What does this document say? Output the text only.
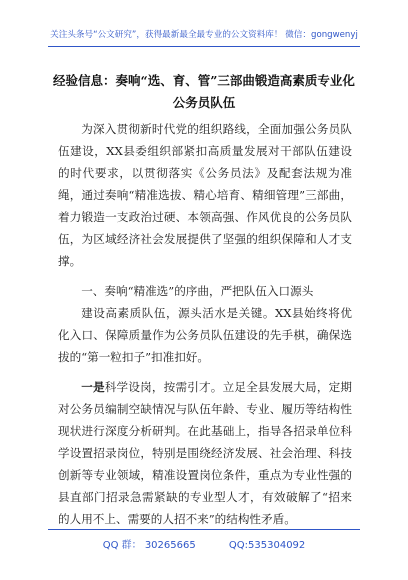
关注头条号“公文研究”，获得最新最全最专业的公文资料库！ 微信：gongwenyj
经验信息：奏响“选、育、管”三部曲锻造高素质专业化
公务员队伍

为深入贯彻新时代党的组织路线，全面加强公务员队伍建设，XX县委组织部紧扣高质量发展对干部队伍建设的时代要求，以贯彻落实《公务员法》及配套法规为准绳，通过奏响“精准选拔、精心培育、精细管理”三部曲，着力锻造一支政治过硬、本领高强、作风优良的公务员队伍，为区域经济社会发展提供了坚强的组织保障和人才支撑。

一、奏响“精准选”的序曲，严把队伍入口源头

建设高素质队伍，源头活水是关键。XX县始终将优化入口、保障质量作为公务员队伍建设的先手棋，确保选拔的“第一粒扣子”扣准扣好。

一是科学设岗，按需引才。立足全县发展大局，定期对公务员编制空缺情况与队伍年龄、专业、履历等结构性现状进行深度分析研判。在此基础上，指导各招录单位科学设置招录岗位，特别是围绕经济发展、社会治理、科技创新等专业领域，精准设置岗位条件，重点为专业性强的县直部门招录急需紧缺的专业型人才，有效破解了“招来的人用不上、需要的人招不来”的结构性矛盾。

QQ 群： 30265665	QQ:535304092
